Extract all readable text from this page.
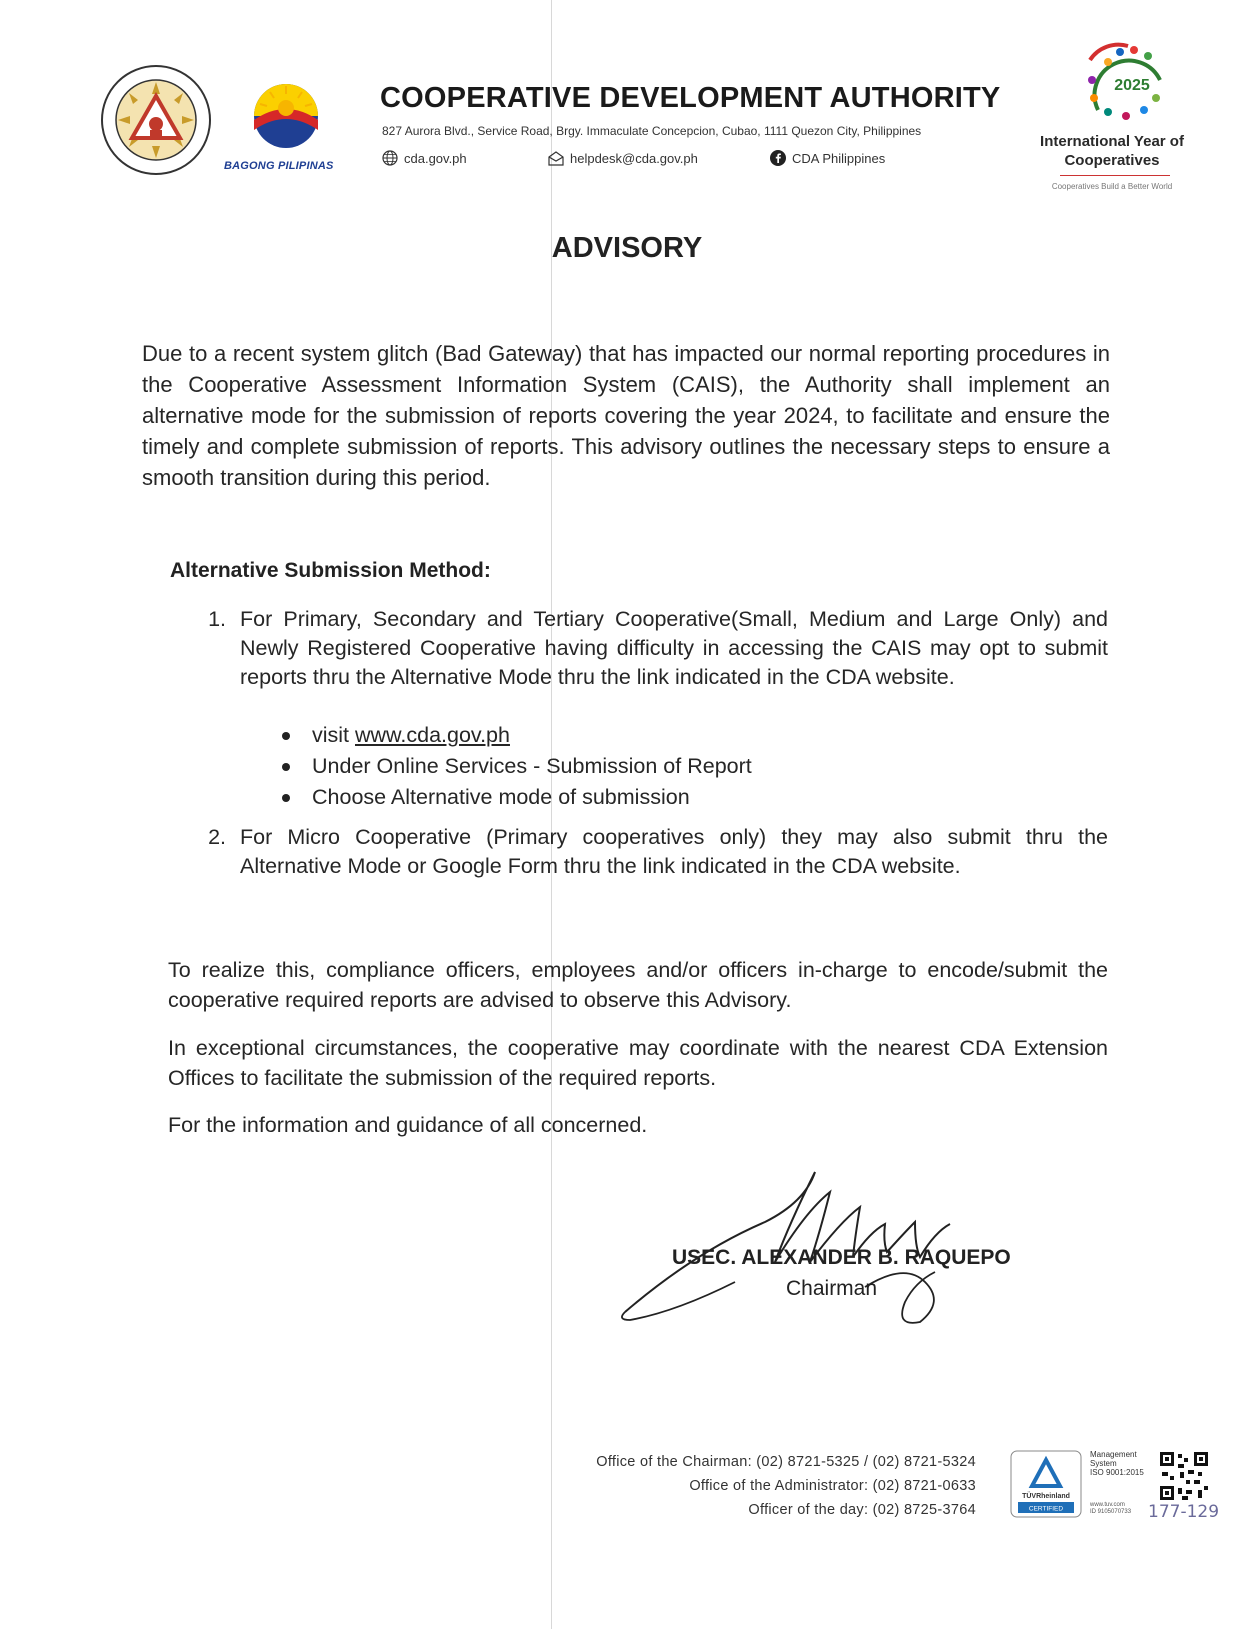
BAGONG PILIPINAS
COOPERATIVE DEVELOPMENT AUTHORITY
827 Aurora Blvd., Service Road, Brgy. Immaculate Concepcion, Cubao, 1111 Quezon City, Philippines
cda.gov.ph	helpdesk@cda.gov.ph	CDA Philippines
2025
International Year of Cooperatives
Cooperatives Build a Better World
ADVISORY
Due to a recent system glitch (Bad Gateway) that has impacted our normal reporting procedures in the Cooperative Assessment Information System (CAIS), the Authority shall implement an alternative mode for the submission of reports covering the year 2024, to facilitate and ensure the timely and complete submission of reports. This advisory outlines the necessary steps to ensure a smooth transition during this period.
Alternative Submission Method:
1. For Primary, Secondary and Tertiary Cooperative(Small, Medium and Large Only) and Newly Registered Cooperative having difficulty in accessing the CAIS may opt to submit reports thru the Alternative Mode thru the link indicated in the CDA website.
visit www.cda.gov.ph
Under Online Services - Submission of Report
Choose Alternative mode of submission
2. For Micro Cooperative (Primary cooperatives only) they may also submit thru the Alternative Mode or Google Form thru the link indicated in the CDA website.
To realize this, compliance officers, employees and/or officers in-charge to encode/submit the cooperative required reports are advised to observe this Advisory.
In exceptional circumstances, the cooperative may coordinate with the nearest CDA Extension Offices to facilitate the submission of the required reports.
For the information and guidance of all concerned.
USEC. ALEXANDER B. RAQUEPO
Chairman
Office of the Chairman: (02) 8721-5325 / (02) 8721-5324
Office of the Administrator: (02) 8721-0633
Officer of the day: (02) 8725-3764
TÜVRheinland
CERTIFIED
Management System
ISO 9001:2015
www.tuv.com
ID 9105070733 177-129
